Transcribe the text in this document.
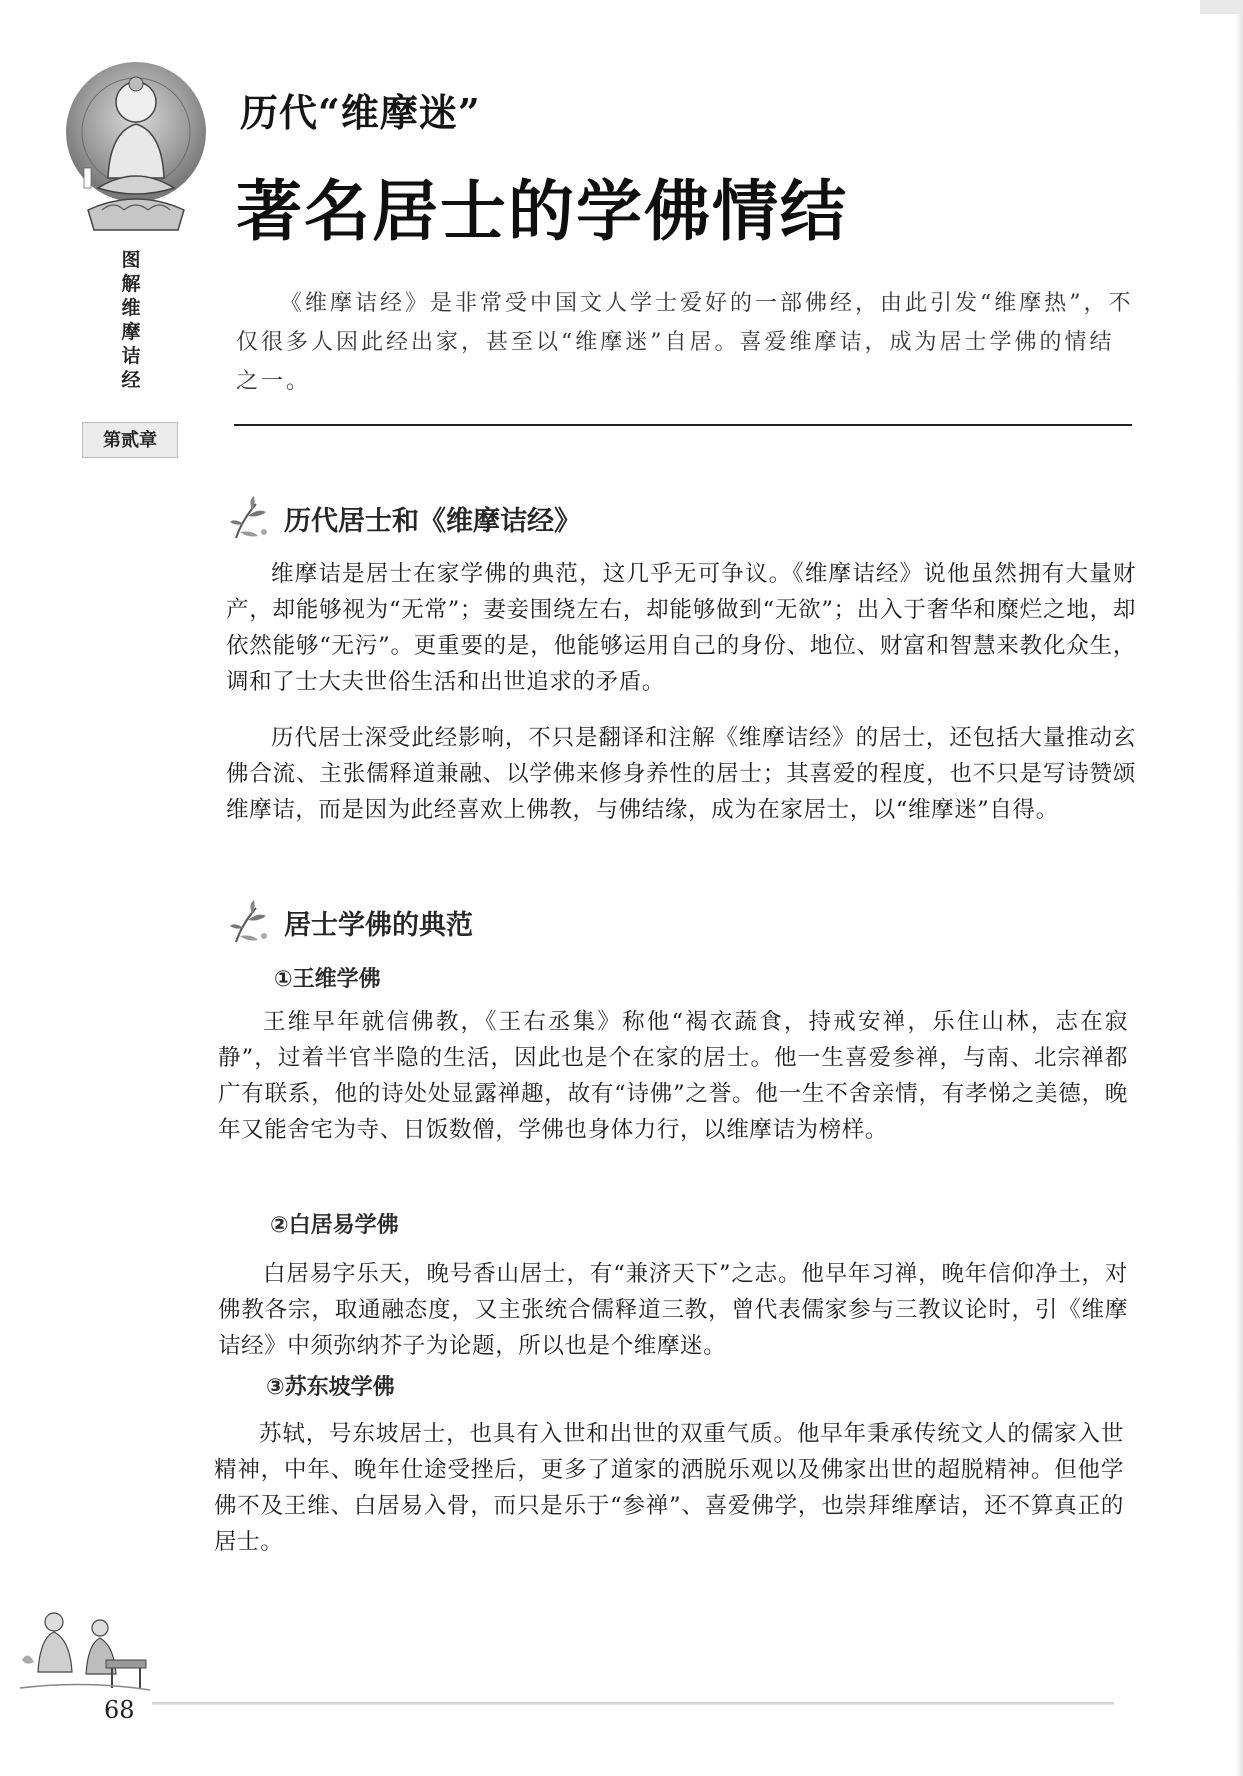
图
解
维
摩
诘
经
第贰章
历代“维摩迷”
著名居士的学佛情结
《维摩诘经》是非常受中国文人学士爱好的一部佛经，由此引发“维摩热”，不仅很多人因此经出家，甚至以“维摩迷”自居。喜爱维摩诘，成为居士学佛的情结之一。
历代居士和《维摩诘经》

维摩诘是居士在家学佛的典范，这几乎无可争议。《维摩诘经》说他虽然拥有大量财产，却能够视为“无常”；妻妾围绕左右，却能够做到“无欲”；出入于奢华和糜烂之地，却依然能够“无污”。更重要的是，他能够运用自己的身份、地位、财富和智慧来教化众生，调和了士大夫世俗生活和出世追求的矛盾。

历代居士深受此经影响，不只是翻译和注解《维摩诘经》的居士，还包括大量推动玄佛合流、主张儒释道兼融、以学佛来修身养性的居士；其喜爱的程度，也不只是写诗赞颂维摩诘，而是因为此经喜欢上佛教，与佛结缘，成为在家居士，以“维摩迷”自得。

居士学佛的典范
①王维学佛

王维早年就信佛教，《王右丞集》称他“褐衣蔬食，持戒安禅，乐住山林，志在寂静”，过着半官半隐的生活，因此也是个在家的居士。他一生喜爱参禅，与南、北宗禅都广有联系，他的诗处处显露禅趣，故有“诗佛”之誉。他一生不舍亲情，有孝悌之美德，晚年又能舍宅为寺、日饭数僧，学佛也身体力行，以维摩诘为榜样。

②白居易学佛

白居易字乐天，晚号香山居士，有“兼济天下”之志。他早年习禅，晚年信仰净土，对佛教各宗，取通融态度，又主张统合儒释道三教，曾代表儒家参与三教议论时，引《维摩诘经》中须弥纳芥子为论题，所以也是个维摩迷。

③苏东坡学佛

苏轼，号东坡居士，也具有入世和出世的双重气质。他早年秉承传统文人的儒家入世精神，中年、晚年仕途受挫后，更多了道家的洒脱乐观以及佛家出世的超脱精神。但他学佛不及王维、白居易入骨，而只是乐于“参禅”、喜爱佛学，也崇拜维摩诘，还不算真正的居士。

68
